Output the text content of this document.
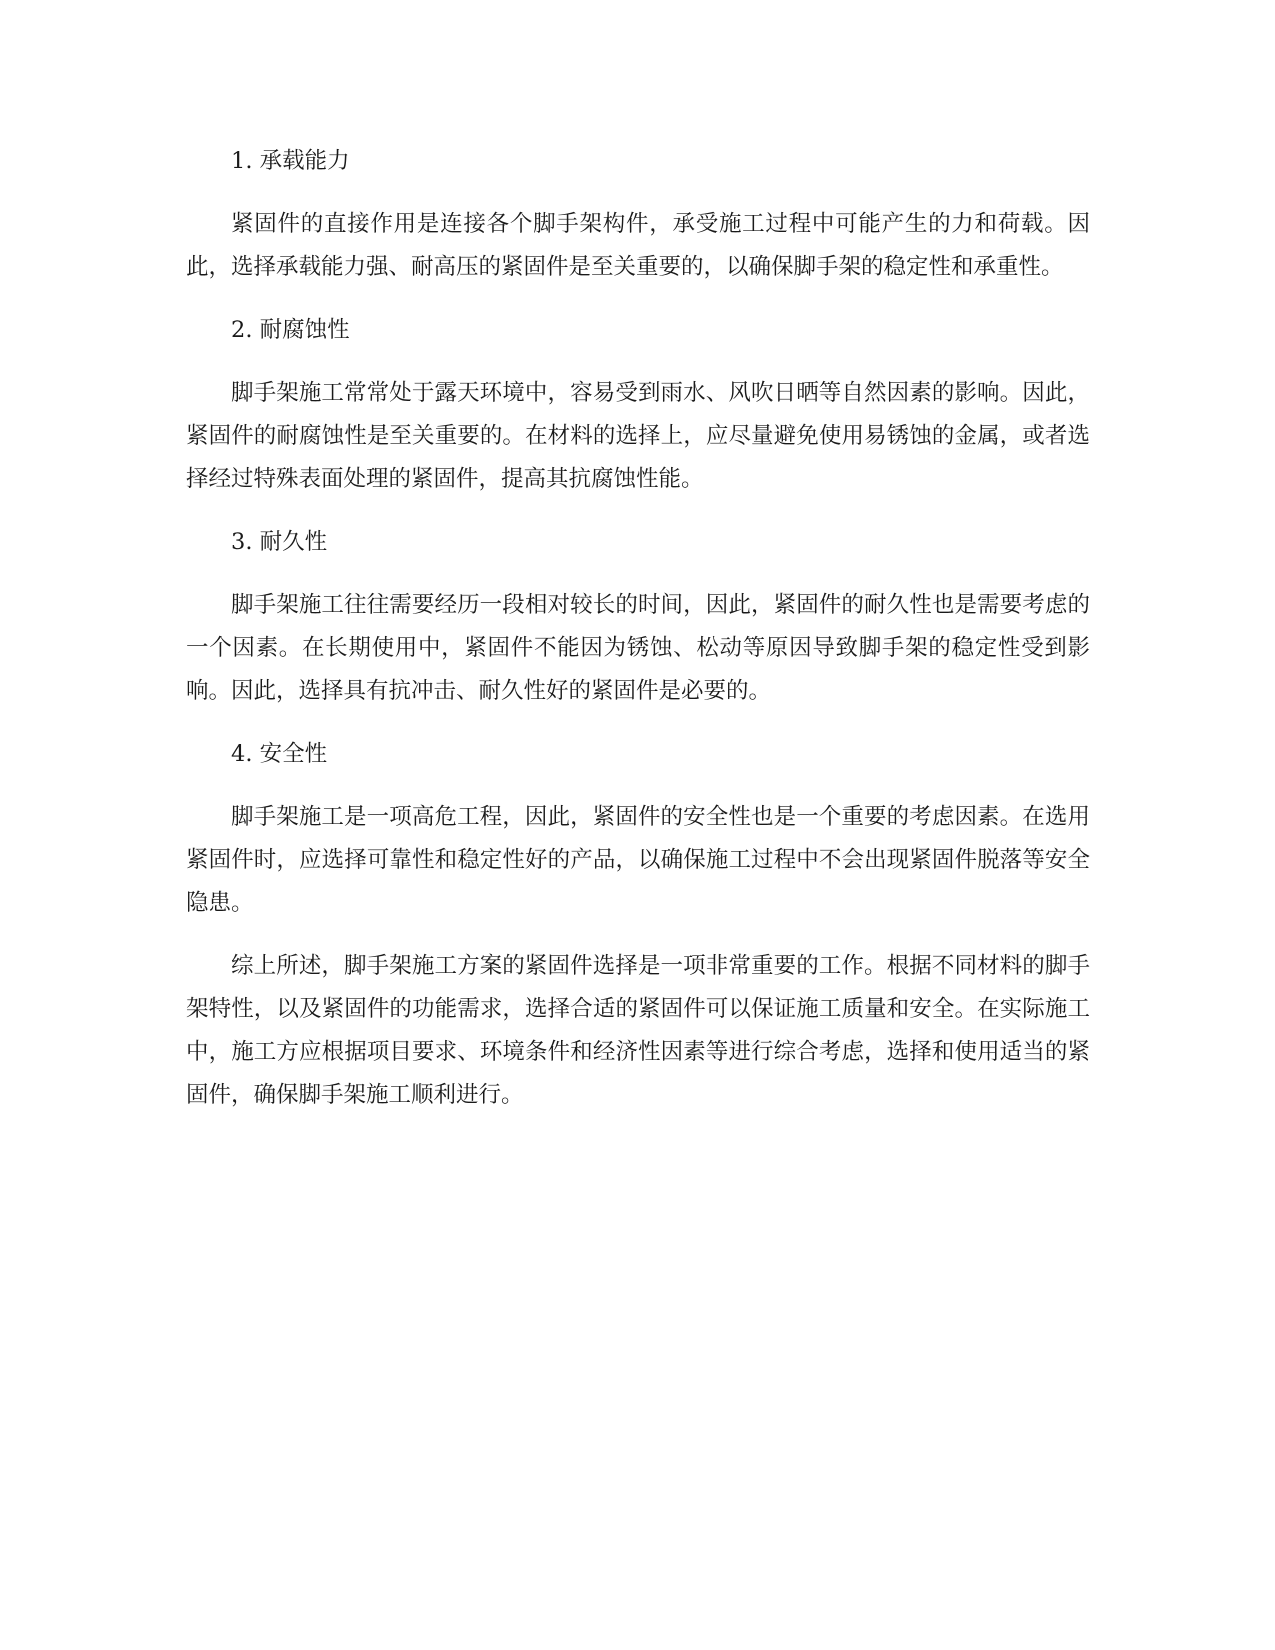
1. 承载能力

紧固件的直接作用是连接各个脚手架构件，承受施工过程中可能产生的力和荷载。因此，选择承载能力强、耐高压的紧固件是至关重要的，以确保脚手架的稳定性和承重性。

2. 耐腐蚀性

脚手架施工常常处于露天环境中，容易受到雨水、风吹日晒等自然因素的影响。因此，紧固件的耐腐蚀性是至关重要的。在材料的选择上，应尽量避免使用易锈蚀的金属，或者选择经过特殊表面处理的紧固件，提高其抗腐蚀性能。

3. 耐久性

脚手架施工往往需要经历一段相对较长的时间，因此，紧固件的耐久性也是需要考虑的一个因素。在长期使用中，紧固件不能因为锈蚀、松动等原因导致脚手架的稳定性受到影响。因此，选择具有抗冲击、耐久性好的紧固件是必要的。

4. 安全性

脚手架施工是一项高危工程，因此，紧固件的安全性也是一个重要的考虑因素。在选用紧固件时，应选择可靠性和稳定性好的产品，以确保施工过程中不会出现紧固件脱落等安全隐患。

综上所述，脚手架施工方案的紧固件选择是一项非常重要的工作。根据不同材料的脚手架特性，以及紧固件的功能需求，选择合适的紧固件可以保证施工质量和安全。在实际施工中，施工方应根据项目要求、环境条件和经济性因素等进行综合考虑，选择和使用适当的紧固件，确保脚手架施工顺利进行。
